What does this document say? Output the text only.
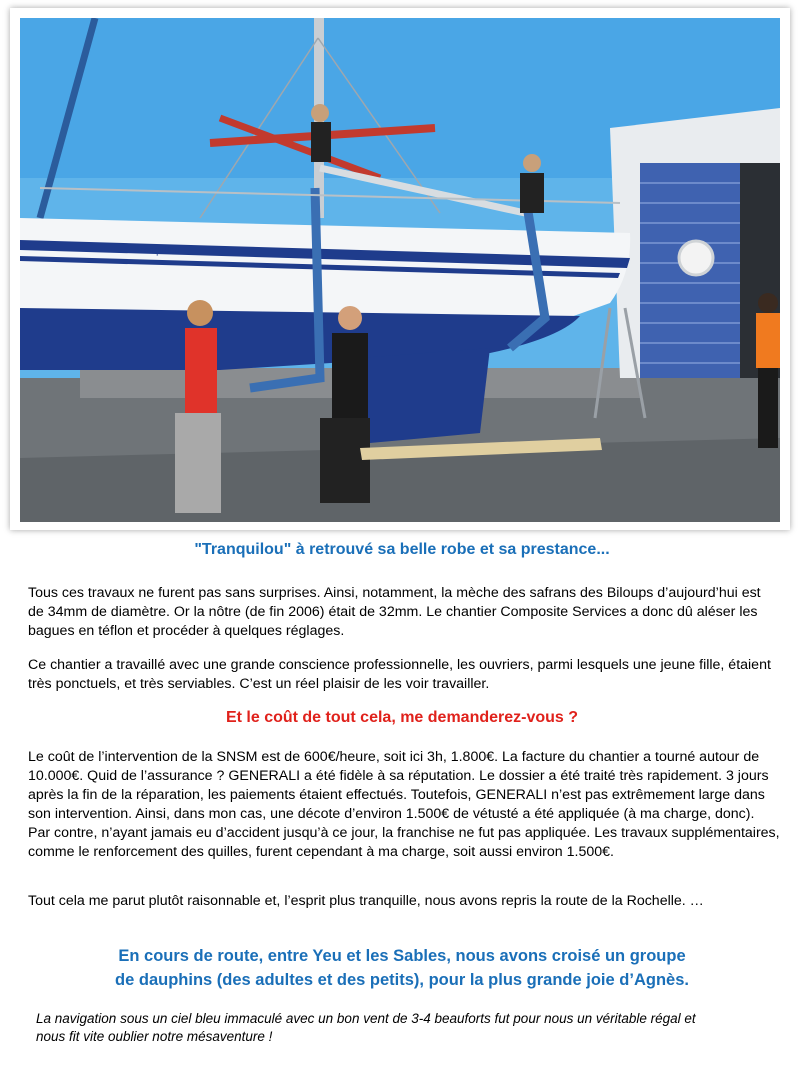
Tranquilou
"Tranquilou" à retrouvé sa belle robe et sa prestance...

Tous ces travaux ne furent pas sans surprises. Ainsi, notamment, la mèche des safrans des Biloups d’aujourd’hui est de 34mm de diamètre. Or la nôtre (de fin 2006) était de 32mm. Le chantier Composite Services a donc dû aléser les bagues en téflon et procéder à quelques réglages.

Ce chantier a travaillé avec une grande conscience professionnelle, les ouvriers, parmi lesquels une jeune fille, étaient très ponctuels, et très serviables. C’est un réel plaisir de les voir travailler.

Et le coût de tout cela, me demanderez-vous ?

Le coût de l’intervention de la SNSM est de 600€/heure, soit ici 3h, 1.800€. La facture du chantier a tourné autour de 10.000€. Quid de l’assurance ? GENERALI a été fidèle à sa réputation. Le dossier a été traité très rapidement. 3 jours après la fin de la réparation, les paiements étaient effectués. Toutefois, GENERALI n’est pas extrêmement large dans son intervention. Ainsi, dans mon cas, une décote d’environ 1.500€ de vétusté a été appliquée (à ma charge, donc). Par contre, n’ayant jamais eu d’accident jusqu’à ce jour, la franchise ne fut pas appliquée. Les travaux supplémentaires, comme le renforcement des quilles, furent cependant à ma charge, soit aussi environ 1.500€.

Tout cela me parut plutôt raisonnable et, l’esprit plus tranquille, nous avons repris la route de la Rochelle. …

En cours de route, entre Yeu et les Sables, nous avons croisé un groupe
de dauphins (des adultes et des petits), pour la plus grande joie d’Agnès.
La navigation sous un ciel bleu immaculé avec un bon vent de 3-4 beauforts fut pour nous un véritable régal et
nous fit vite oublier notre mésaventure !
